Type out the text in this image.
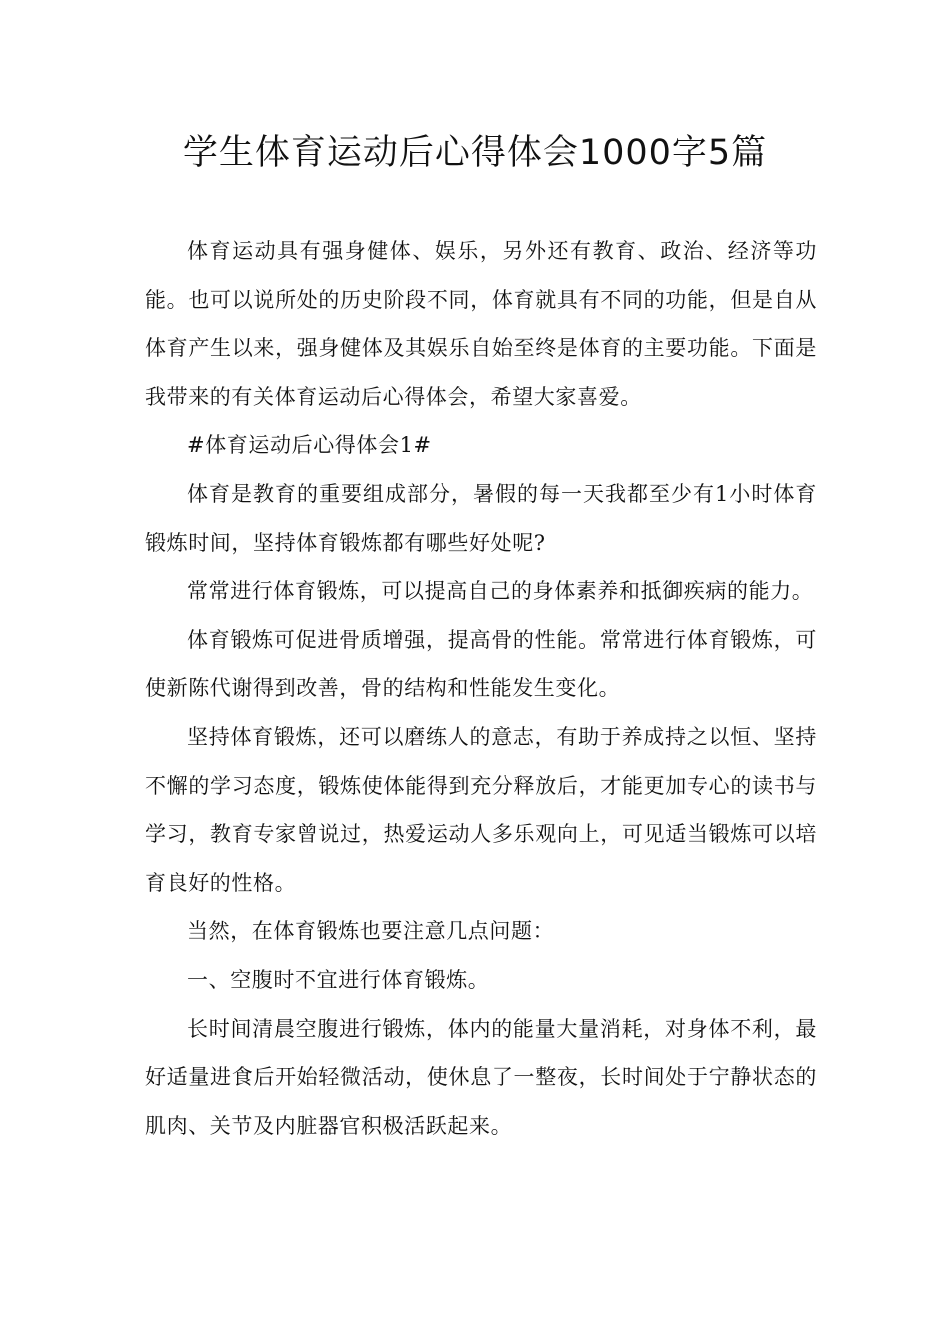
学生体育运动后心得体会1000字5篇

体育运动具有强身健体、娱乐，另外还有教育、政治、经济等功能。也可以说所处的历史阶段不同，体育就具有不同的功能，但是自从体育产生以来，强身健体及其娱乐自始至终是体育的主要功能。下面是我带来的有关体育运动后心得体会，希望大家喜爱。

#体育运动后心得体会1#

体育是教育的重要组成部分，暑假的每一天我都至少有1小时体育锻炼时间，坚持体育锻炼都有哪些好处呢?

常常进行体育锻炼，可以提高自己的身体素养和抵御疾病的能力。

体育锻炼可促进骨质增强，提高骨的性能。常常进行体育锻炼，可使新陈代谢得到改善，骨的结构和性能发生变化。

坚持体育锻炼，还可以磨练人的意志，有助于养成持之以恒、坚持不懈的学习态度，锻炼使体能得到充分释放后，才能更加专心的读书与学习，教育专家曾说过，热爱运动人多乐观向上，可见适当锻炼可以培育良好的性格。

当然，在体育锻炼也要注意几点问题：

一、空腹时不宜进行体育锻炼。

长时间清晨空腹进行锻炼，体内的能量大量消耗，对身体不利，最好适量进食后开始轻微活动，使休息了一整夜，长时间处于宁静状态的肌肉、关节及内脏器官积极活跃起来。
